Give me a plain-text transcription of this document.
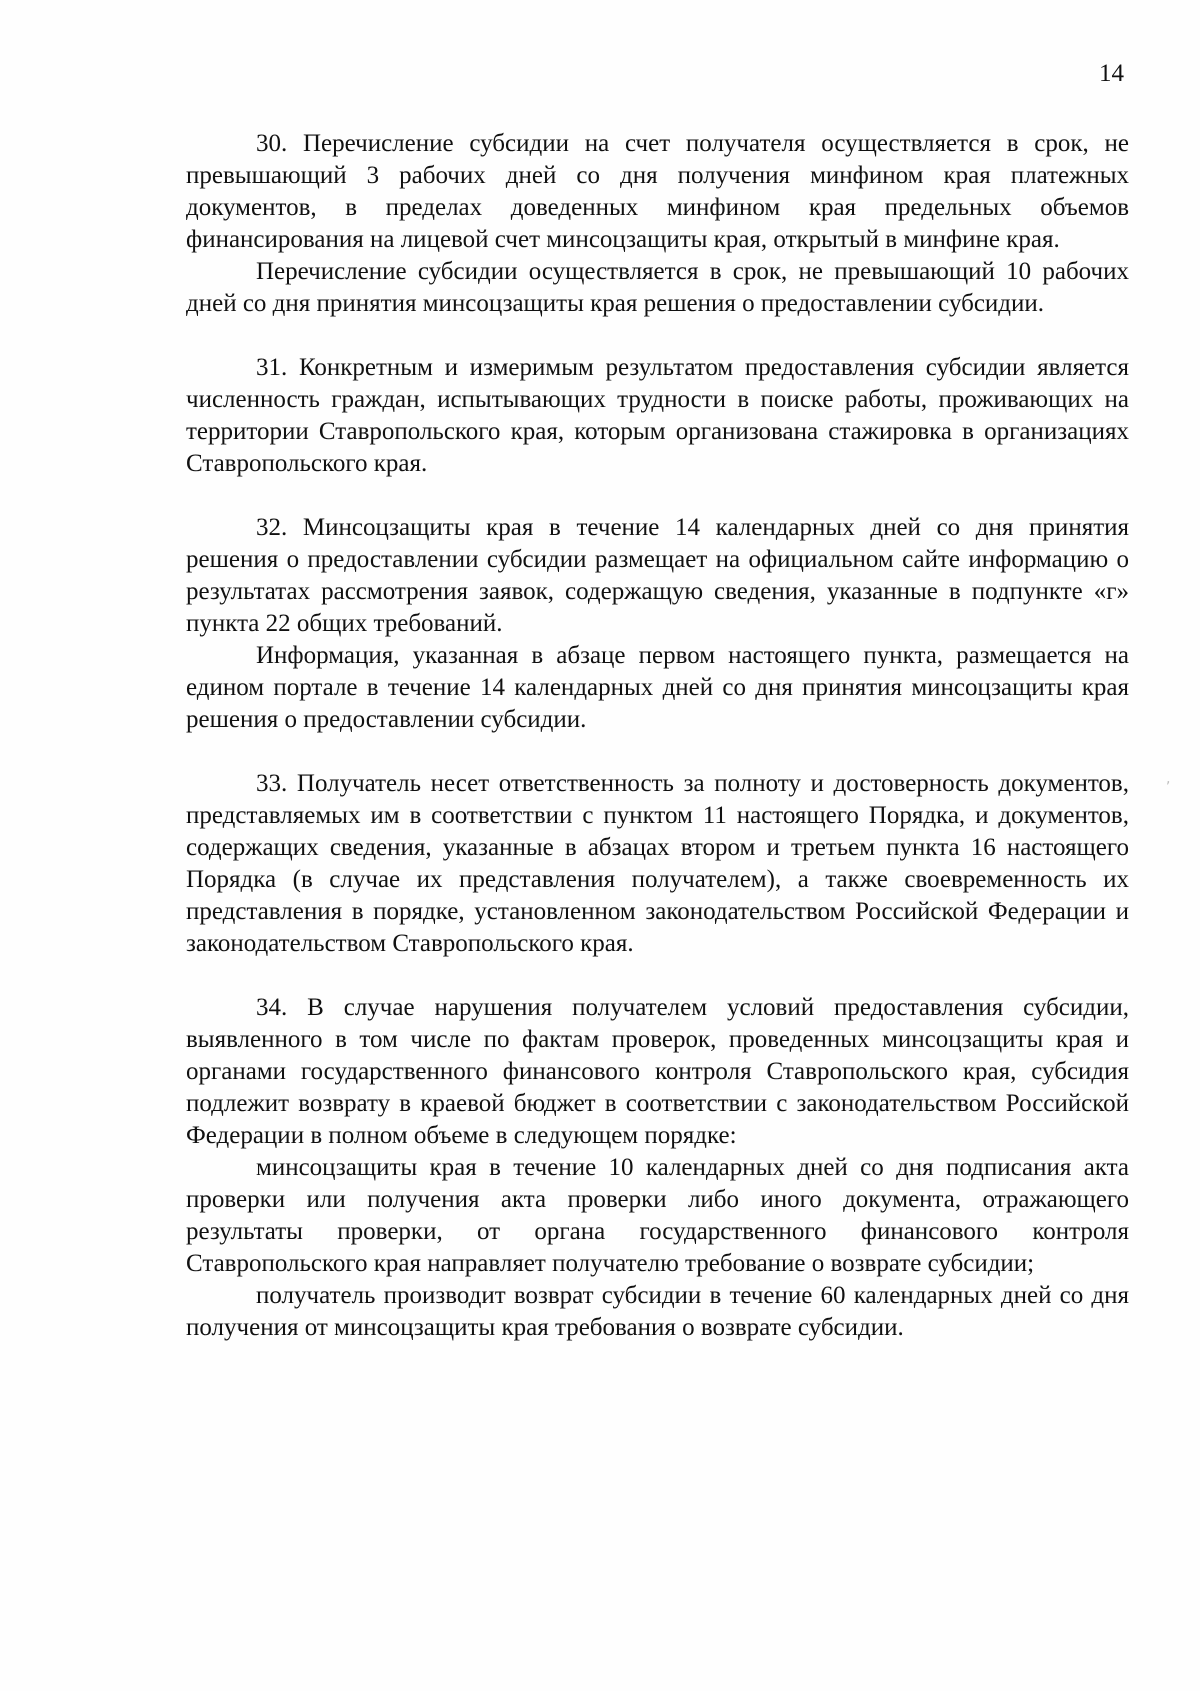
14

30. Перечисление субсидии на счет получателя осуществляется в срок, не превышающий 3 рабочих дней со дня получения минфином края платежных документов, в пределах доведенных минфином края предельных объемов финансирования на лицевой счет минсоцзащиты края, открытый в минфине края.

Перечисление субсидии осуществляется в срок, не превышающий 10 рабочих дней со дня принятия минсоцзащиты края решения о предоставлении субсидии.

31. Конкретным и измеримым результатом предоставления субсидии является численность граждан, испытывающих трудности в поиске работы, проживающих на территории Ставропольского края, которым организована стажировка в организациях Ставропольского края.

32. Минсоцзащиты края в течение 14 календарных дней со дня принятия решения о предоставлении субсидии размещает на официальном сайте информацию о результатах рассмотрения заявок, содержащую сведения, указанные в подпункте «г» пункта 22 общих требований.

Информация, указанная в абзаце первом настоящего пункта, размещается на едином портале в течение 14 календарных дней со дня принятия минсоцзащиты края решения о предоставлении субсидии.

33. Получатель несет ответственность за полноту и достоверность документов, представляемых им в соответствии с пунктом 11 настоящего Порядка, и документов, содержащих сведения, указанные в абзацах втором и третьем пункта 16 настоящего Порядка (в случае их представления получателем), а также своевременность их представления в порядке, установленном законодательством Российской Федерации и законодательством Ставропольского края.

34. В случае нарушения получателем условий предоставления субсидии, выявленного в том числе по фактам проверок, проведенных минсоцзащиты края и органами государственного финансового контроля Ставропольского края, субсидия подлежит возврату в краевой бюджет в соответствии с законодательством Российской Федерации в полном объеме в следующем порядке:

минсоцзащиты края в течение 10 календарных дней со дня подписания акта проверки или получения акта проверки либо иного документа, отражающего результаты проверки, от органа государственного финансового контроля Ставропольского края направляет получателю требование о возврате субсидии;

получатель производит возврат субсидии в течение 60 календарных дней со дня получения от минсоцзащиты края требования о возврате субсидии.

,
